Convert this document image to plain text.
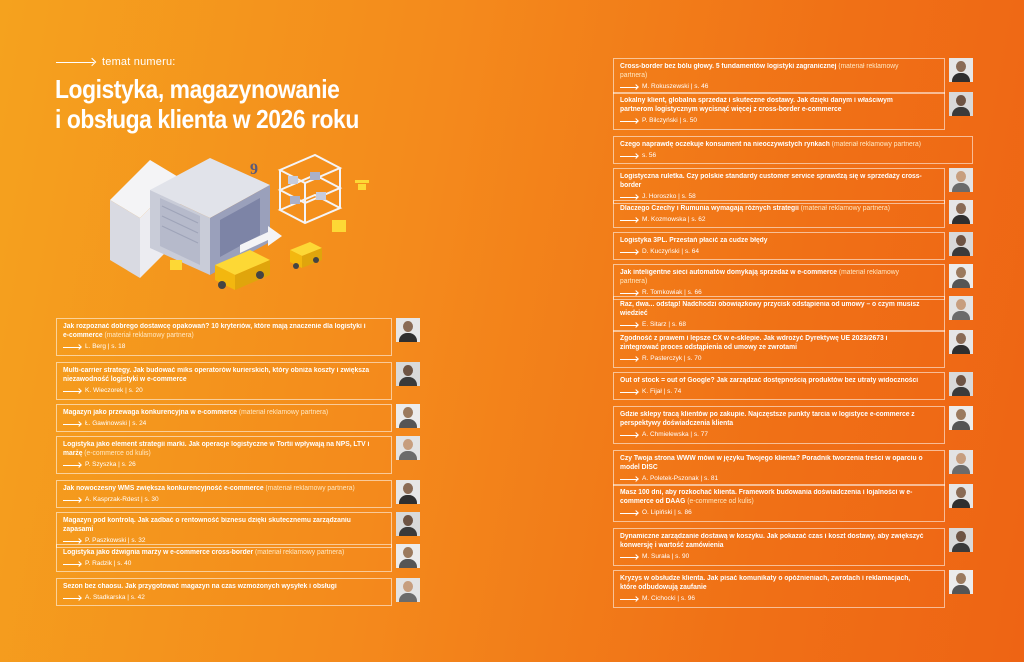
temat numeru:
Logistyka, magazynowanie
i obsługa klienta w 2026 roku
9
Jak rozpoznać dobrego dostawcę opakowań? 10 kryteriów, które mają znaczenie dla logistyki i e-commerce (materiał reklamowy partnera)
L. Berg | s. 18
Multi-carrier strategy. Jak budować miks operatorów kurierskich, który obniża koszty i zwiększa niezawodność logistyki w e-commerce
K. Wieczorek | s. 20
Magazyn jako przewaga konkurencyjna w e-commerce (materiał reklamowy partnera)
Ł. Gawinowski | s. 24
Logistyka jako element strategii marki. Jak operacje logistyczne w Tortii wpływają na NPS, LTV i marżę (e-commerce od kulis)
P. Szyszka | s. 26
Jak nowoczesny WMS zwiększa konkurencyjność e-commerce (materiał reklamowy partnera)
A. Kasprzak-Rdest | s. 30
Magazyn pod kontrolą. Jak zadbać o rentowność biznesu dzięki skutecznemu zarządzaniu zapasami
P. Paszkowski | s. 32
Logistyka jako dźwignia marży w e-commerce cross-border (materiał reklamowy partnera)
P. Radzik | s. 40
Sezon bez chaosu. Jak przygotować magazyn na czas wzmożonych wysyłek i obsługi
A. Stadkarska | s. 42
Cross-border bez bólu głowy. 5 fundamentów logistyki zagranicznej (materiał reklamowy partnera)
M. Rokuszewski | s. 46
Lokalny klient, globalna sprzedaż i skuteczne dostawy. Jak dzięki danym i właściwym partnerom logistycznym wycisnąć więcej z cross-border e-commerce
P. Bilczyński | s. 50
Czego naprawdę oczekuje konsument na nieoczywistych rynkach (materiał reklamowy partnera)
s. 56
Logistyczna ruletka. Czy polskie standardy customer service sprawdzą się w sprzedaży cross-border
J. Horoszko | s. 58
Dlaczego Czechy i Rumunia wymagają różnych strategii (materiał reklamowy partnera)
M. Kozmowska | s. 62
Logistyka 3PL. Przestań płacić za cudze błędy
D. Kuczyński | s. 64
Jak inteligentne sieci automatów domykają sprzedaż w e-commerce (materiał reklamowy partnera)
R. Tomkowiak | s. 66
Raz, dwa... odstąp! Nadchodzi obowiązkowy przycisk odstąpienia od umowy – o czym musisz wiedzieć
E. Sitarz | s. 68
Zgodność z prawem i lepsze CX w e-sklepie. Jak wdrożyć Dyrektywę UE 2023/2673 i zintegrować proces odstąpienia od umowy ze zwrotami
R. Pasterczyk | s. 70
Out of stock = out of Google? Jak zarządzać dostępnością produktów bez utraty widoczności
K. Fijał | s. 74
Gdzie sklepy tracą klientów po zakupie. Najczęstsze punkty tarcia w logistyce e-commerce z perspektywy doświadczenia klienta
A. Chmielewska | s. 77
Czy Twoja strona WWW mówi w języku Twojego klienta? Poradnik tworzenia treści w oparciu o model DISC
A. Poletek-Pszonak | s. 81
Masz 100 dni, aby rozkochać klienta. Framework budowania doświadczenia i lojalności w e-commerce od DAAG (e-commerce od kulis)
O. Lipiński | s. 86
Dynamiczne zarządzanie dostawą w koszyku. Jak pokazać czas i koszt dostawy, aby zwiększyć konwersję i wartość zamówienia
M. Surała | s. 90
Kryzys w obsłudze klienta. Jak pisać komunikaty o opóźnieniach, zwrotach i reklamacjach, które odbudowują zaufanie
M. Cichocki | s. 96
